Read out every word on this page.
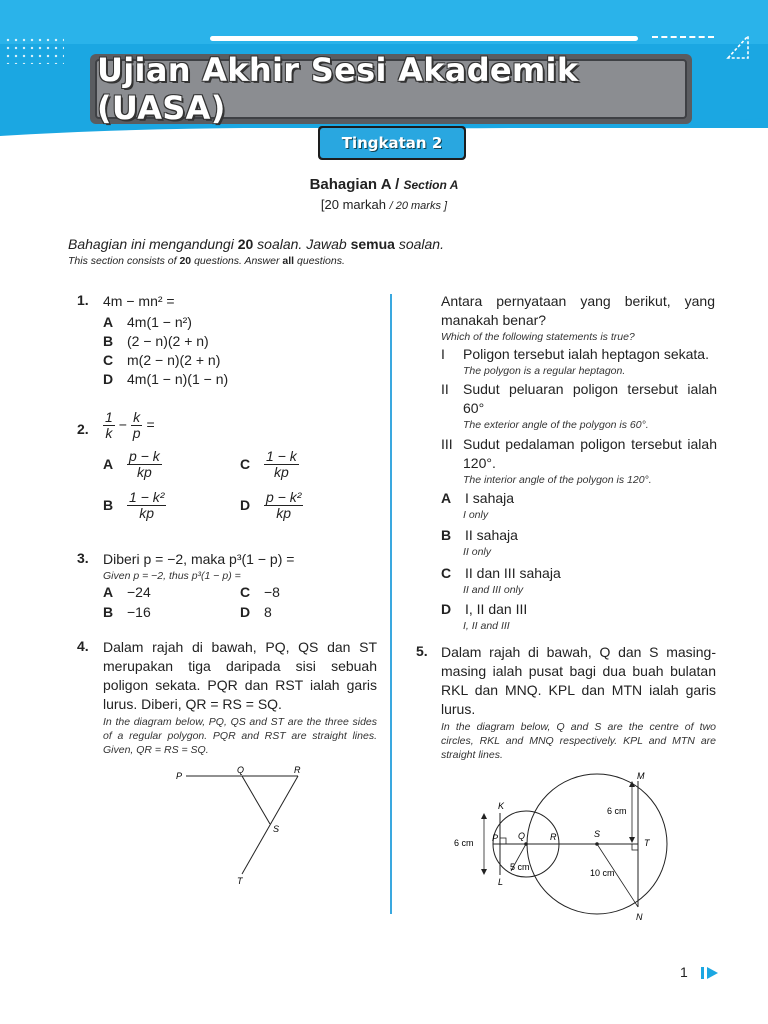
Ujian Akhir Sesi Akademik (UASA)
Tingkatan 2
Bahagian A / Section A
[20 markah / 20 marks ]
Bahagian ini mengandungi 20 soalan. Jawab semua soalan.
This section consists of 20 questions. Answer all questions.
1. 4m − mn² =
A 4m(1 − n²)
B (2 − n)(2 + n)
C m(2 − n)(2 + n)
D 4m(1 − n)(1 − n)
2. $\frac{1}{k} - \frac{k}{p}$ =
A $\frac{p - k}{kp}$
B $\frac{\text{1 − k²}}{kp}$
C $\frac{1 - k}{kp}$
D $\frac{\text{p − k²}}{kp}$
3. Diberi p = −2, maka p³(1 − p) =
Given p = −2, thus p³(1 − p) =
A −24
B −16
C −8
D 8
4. Dalam rajah di bawah, PQ, QS dan ST merupakan tiga daripada sisi sebuah poligon sekata. PQR dan RST ialah garis lurus. Diberi, QR = RS = SQ.
In the diagram below, PQ, QS and ST are the three sides of a regular polygon. PQR and RST are straight lines. Given, QR = RS = SQ.
P
Q	R
S
T
Antara pernyataan yang berikut, yang manakah benar?
Which of the following statements is true?
I Poligon tersebut ialah heptagon sekata.
The polygon is a regular heptagon.
II	Sudut peluaran poligon tersebut ialah 60°
The exterior angle of the polygon is 60°.
III Sudut pedalaman poligon tersebut ialah 120°.
The interior angle of the polygon is 120°.
A I sahaja
I only
B II sahaja
II only
C II dan III sahaja
II and III only
D I, II dan III
I, II and III
5. Dalam rajah di bawah, Q dan S masing-masing ialah pusat bagi dua buah bulatan RKL dan MNQ. KPL dan MTN ialah garis lurus.
In the diagram below, Q and S are the centre of two circles, RKL and MNQ respectively. KPL and MTN are straight lines.
K
P Q	R	S
T
L
M
N
6 cm
6 cm
5 cm
10 cm
1
